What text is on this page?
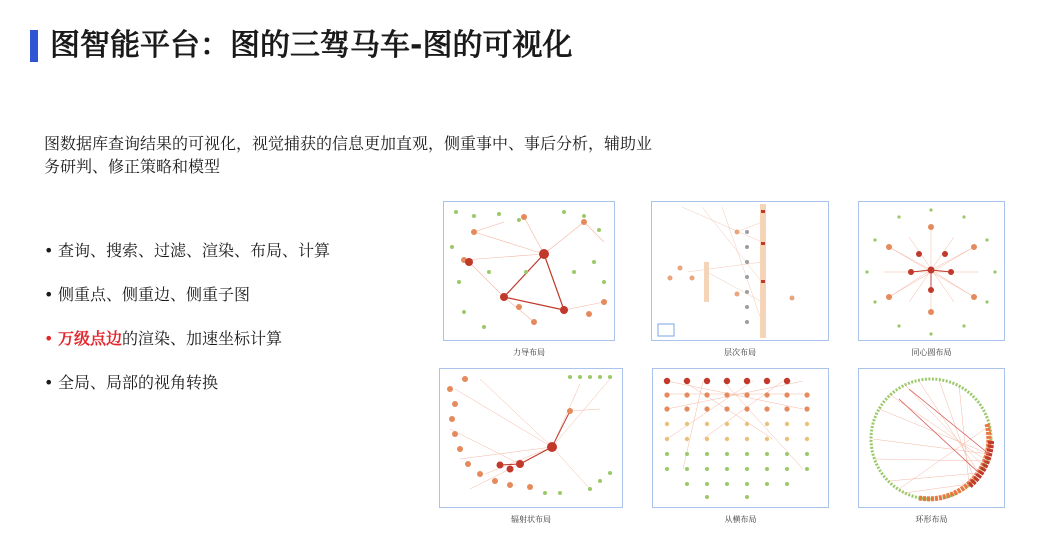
图智能平台：图的三驾马车-图的可视化
图数据库查询结果的可视化，视觉捕获的信息更加直观，侧重事中、事后分析，辅助业务研判、修正策略和模型
• 查询、搜索、过滤、渲染、布局、计算
• 侧重点、侧重边、侧重子图
• 万级点边的渲染、加速坐标计算
• 全局、局部的视角转换
力导布局	层次布局	同心圆布局
辐射状布局	从横布局	环形布局
